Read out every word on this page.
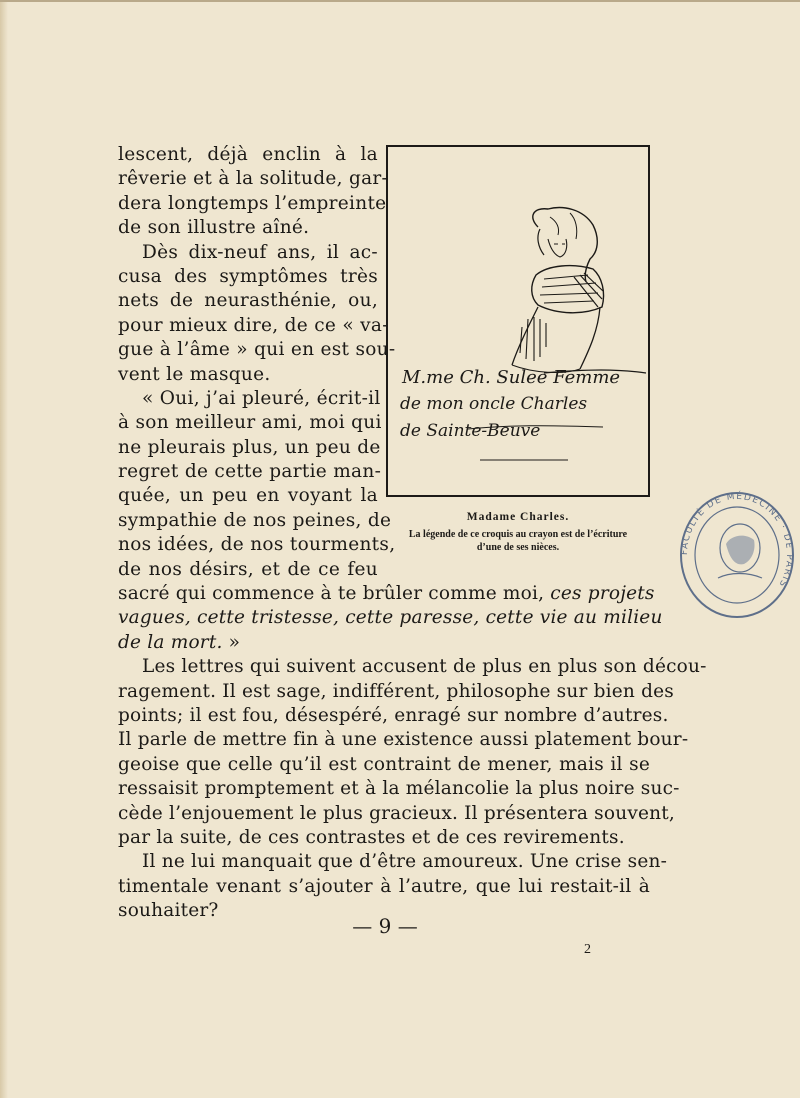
lescent, déjà enclin à la
rêverie et à la solitude, gar-
dera longtemps l’empreinte
de son illustre aîné.
Dès dix-neuf ans, il ac-
cusa des symptômes très
nets de neurasthénie, ou,
pour mieux dire, de ce « va-
gue à l’âme » qui en est sou-
vent le masque.
« Oui, j’ai pleuré, écrit-il
à son meilleur ami, moi qui
ne pleurais plus, un peu de
regret de cette partie man-
quée, un peu en voyant la
sympathie de nos peines, de
nos idées, de nos tourments,
de nos désirs, et de ce feu
sacré qui commence à te brûler comme moi, ces projets
vagues, cette tristesse, cette paresse, cette vie au milieu
de la mort. »
Les lettres qui suivent accusent de plus en plus son décou-
ragement. Il est sage, indifférent, philosophe sur bien des
points; il est fou, désespéré, enragé sur nombre d’autres.
Il parle de mettre fin à une existence aussi platement bour-
geoise que celle qu’il est contraint de mener, mais il se
ressaisit promptement et à la mélancolie la plus noire suc-
cède l’enjouement le plus gracieux. Il présentera souvent,
par la suite, de ces contrastes et de ces revirements.
Il ne lui manquait que d’être amoureux. Une crise sen-
timentale venant s’ajouter à l’autre, que lui restait-il à
souhaiter?
M.me Ch. Sulee Femme
de mon oncle Charles
de Sainte-Beuve
Madame Charles.
La légende de ce croquis au crayon est de l’écriture
d’une de ses nièces.
— 9 —
2
FACULTÉ DE MÉDECINE · DE PARIS
